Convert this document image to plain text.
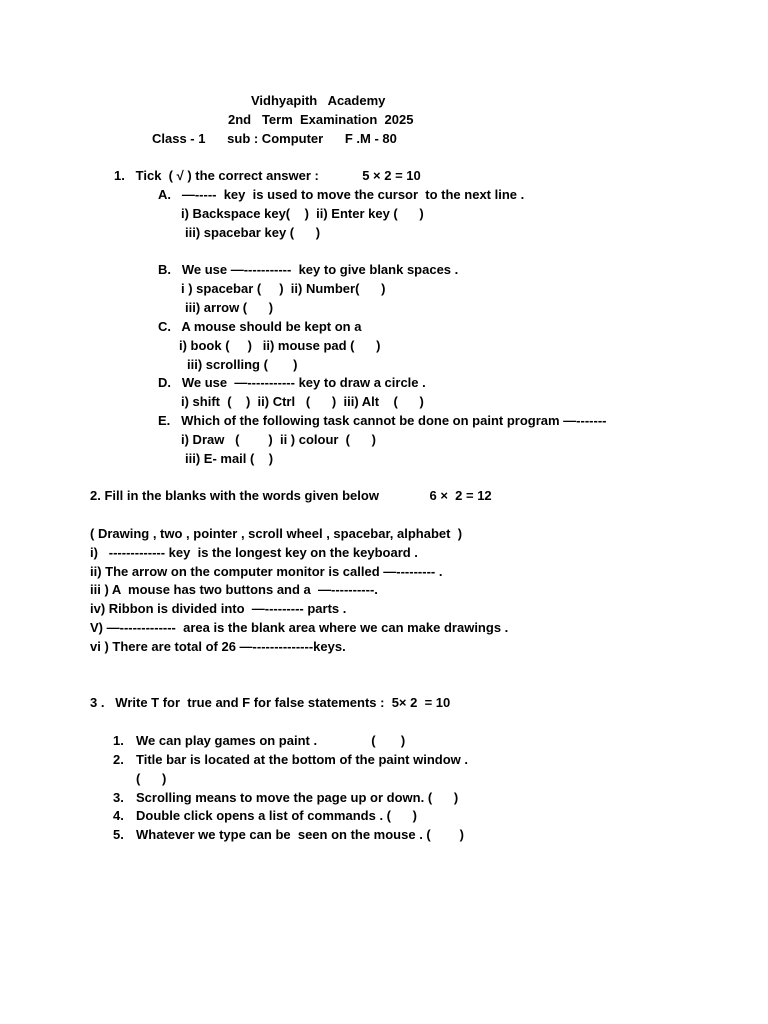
Vidhyapith   Academy
2nd   Term  Examination  2025
Class - 1      sub : Computer      F .M - 80
1.   Tick  ( √ ) the correct answer :            5 × 2 = 10
A.   —-----  key  is used to move the cursor  to the next line .
i) Backspace key(    )  ii) Enter key (      )
iii) spacebar key (      )
B.   We use —-----------  key to give blank spaces .
i ) spacebar (     )  ii) Number(      )
iii) arrow (      )
C.   A mouse should be kept on a
i) book (     )   ii) mouse pad (      )
iii) scrolling (       )
D.   We use  —----------- key to draw a circle .
i) shift  (    )  ii) Ctrl   (      )  iii) Alt    (      )
E.   Which of the following task cannot be done on paint program —-------
i) Draw   (        )  ii ) colour  (      )
iii) E- mail (    )
2. Fill in the blanks with the words given below              6 ×  2 = 12
( Drawing , two , pointer , scroll wheel , spacebar, alphabet  )
i)   ------------- key  is the longest key on the keyboard .
ii) The arrow on the computer monitor is called —--------- .
iii ) A  mouse has two buttons and a  —----------.
iv) Ribbon is divided into  —--------- parts .
V) —-------------  area is the blank area where we can make drawings .
vi ) There are total of 26 —--------------keys.
3 .   Write T for  true and F for false statements :  5× 2  = 10
1. We can play games on paint .               (       )
2. Title bar is located at the bottom of the paint window .
(      )
3. Scrolling means to move the page up or down. (      )
4. Double click opens a list of commands . (      )
5. Whatever we type can be  seen on the mouse . (        )
